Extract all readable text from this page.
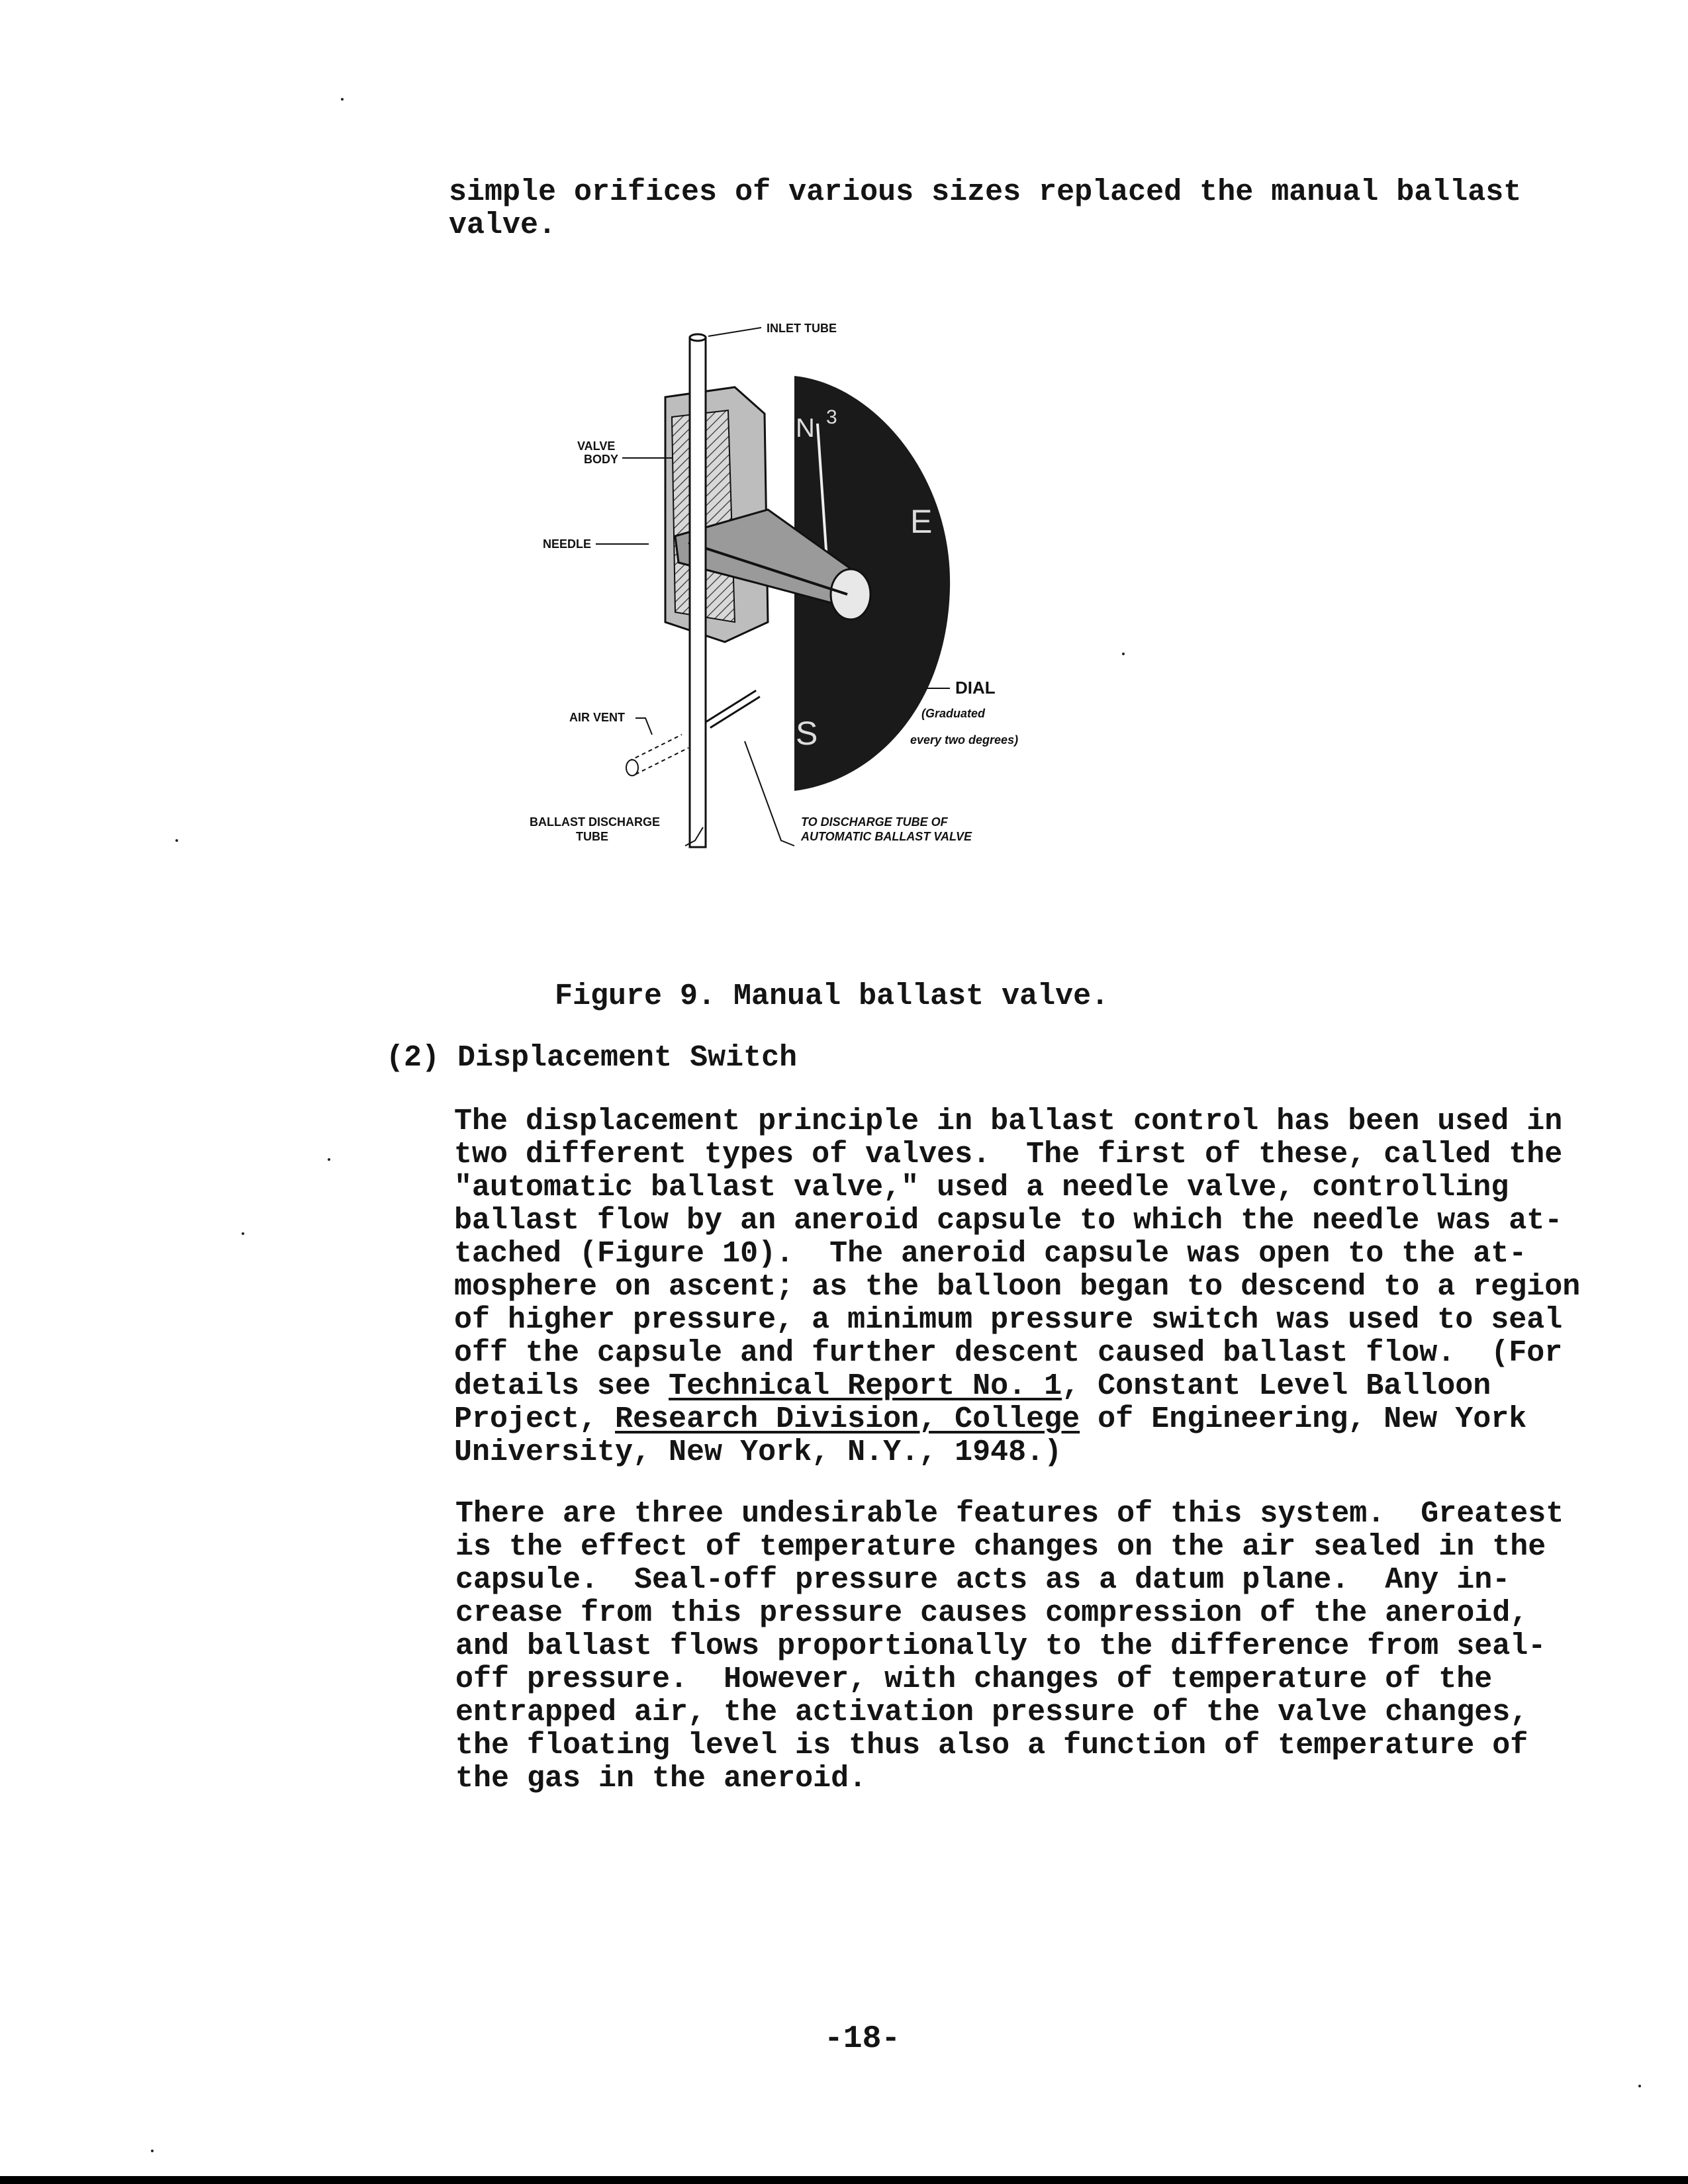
simple orifices of various sizes replaced the manual ballast

valve.

N 3
E
S
INLET TUBE
VALVE
BODY
NEEDLE
AIR VENT
BALLAST DISCHARGE
TUBE
DIAL
(Graduated
every two degrees)
TO DISCHARGE TUBE OF
AUTOMATIC BALLAST VALVE
Figure 9. Manual ballast valve.
(2) Displacement Switch

The displacement principle in ballast control has been used in

two different types of valves.  The first of these, called the

"automatic ballast valve," used a needle valve, controlling

ballast flow by an aneroid capsule to which the needle was at-

tached (Figure 10).  The aneroid capsule was open to the at-

mosphere on ascent; as the balloon began to descend to a region

of higher pressure, a minimum pressure switch was used to seal

off the capsule and further descent caused ballast flow.  (For

details see Technical Report No. 1, Constant Level Balloon

Project, Research Division, College of Engineering, New York

University, New York, N.Y., 1948.)

There are three undesirable features of this system.  Greatest

is the effect of temperature changes on the air sealed in the

capsule.  Seal-off pressure acts as a datum plane.  Any in-

crease from this pressure causes compression of the aneroid,

and ballast flows proportionally to the difference from seal-

off pressure.  However, with changes of temperature of the

entrapped air, the activation pressure of the valve changes,

the floating level is thus also a function of temperature of

the gas in the aneroid.

-18-
